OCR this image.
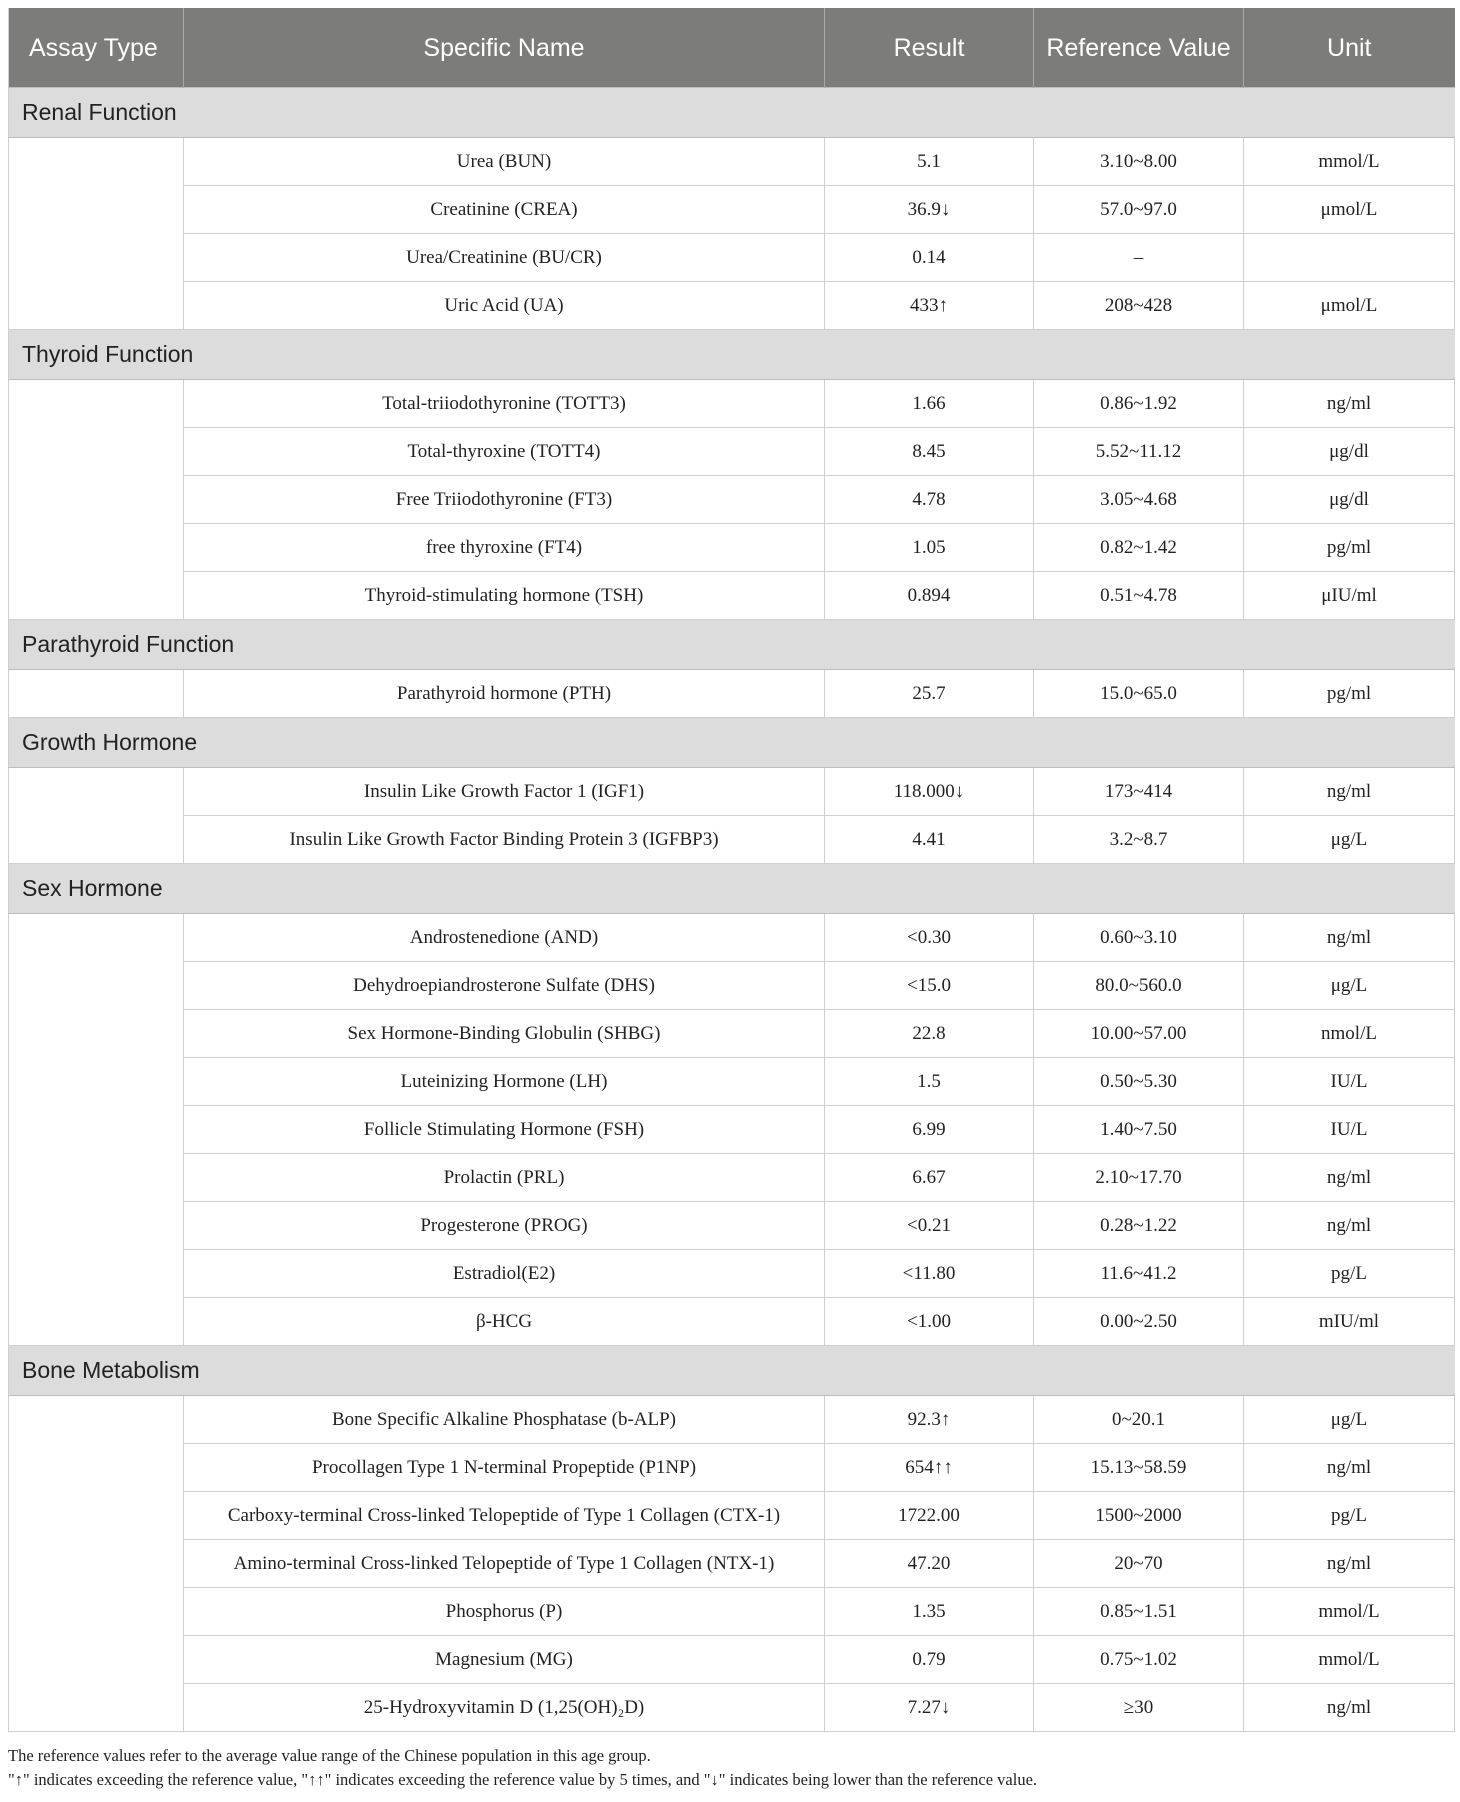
Assay Type	Specific Name	Result	Reference Value	Unit
Renal Function				
	Urea (BUN)	5.1	3.10~8.00	mmol/L
	Creatinine (CREA)	36.9↓	57.0~97.0	μmol/L
	Urea/Creatinine (BU/CR)	0.14	–	
	Uric Acid (UA)	433↑	208~428	μmol/L
Thyroid Function				
	Total-triiodothyronine (TOTT3)	1.66	0.86~1.92	ng/ml
	Total-thyroxine (TOTT4)	8.45	5.52~11.12	μg/dl
	Free Triiodothyronine (FT3)	4.78	3.05~4.68	μg/dl
	free thyroxine (FT4)	1.05	0.82~1.42	pg/ml
	Thyroid-stimulating hormone (TSH)	0.894	0.51~4.78	μIU/ml
Parathyroid Function				
	Parathyroid hormone (PTH)	25.7	15.0~65.0	pg/ml
Growth Hormone				
	Insulin Like Growth Factor 1 (IGF1)	118.000↓	173~414	ng/ml
	Insulin Like Growth Factor Binding Protein 3 (IGFBP3)	4.41	3.2~8.7	μg/L
Sex Hormone				
	Androstenedione (AND)	<0.30	0.60~3.10	ng/ml
	Dehydroepiandrosterone Sulfate (DHS)	<15.0	80.0~560.0	μg/L
	Sex Hormone-Binding Globulin (SHBG)	22.8	10.00~57.00	nmol/L
	Luteinizing Hormone (LH)	1.5	0.50~5.30	IU/L
	Follicle Stimulating Hormone (FSH)	6.99	1.40~7.50	IU/L
	Prolactin (PRL)	6.67	2.10~17.70	ng/ml
	Progesterone (PROG)	<0.21	0.28~1.22	ng/ml
	Estradiol(E2)	<11.80	11.6~41.2	pg/L
	β-HCG	<1.00	0.00~2.50	mIU/ml
Bone Metabolism				
	Bone Specific Alkaline Phosphatase (b-ALP)	92.3↑	0~20.1	μg/L
	Procollagen Type 1 N-terminal Propeptide (P1NP)	654↑↑	15.13~58.59	ng/ml
	Carboxy-terminal Cross-linked Telopeptide of Type 1 Collagen (CTX-1)	1722.00	1500~2000	pg/L
	Amino-terminal Cross-linked Telopeptide of Type 1 Collagen (NTX-1)	47.20	20~70	ng/ml
	Phosphorus (P)	1.35	0.85~1.51	mmol/L
	Magnesium (MG)	0.79	0.75~1.02	mmol/L
	25-Hydroxyvitamin D (1,25(OH)₂D)	7.27↓	≥30	ng/ml

The reference values refer to the average value range of the Chinese population in this age group.

"↑" indicates exceeding the reference value, "↑↑" indicates exceeding the reference value by 5 times, and "↓" indicates being lower than the reference value.
